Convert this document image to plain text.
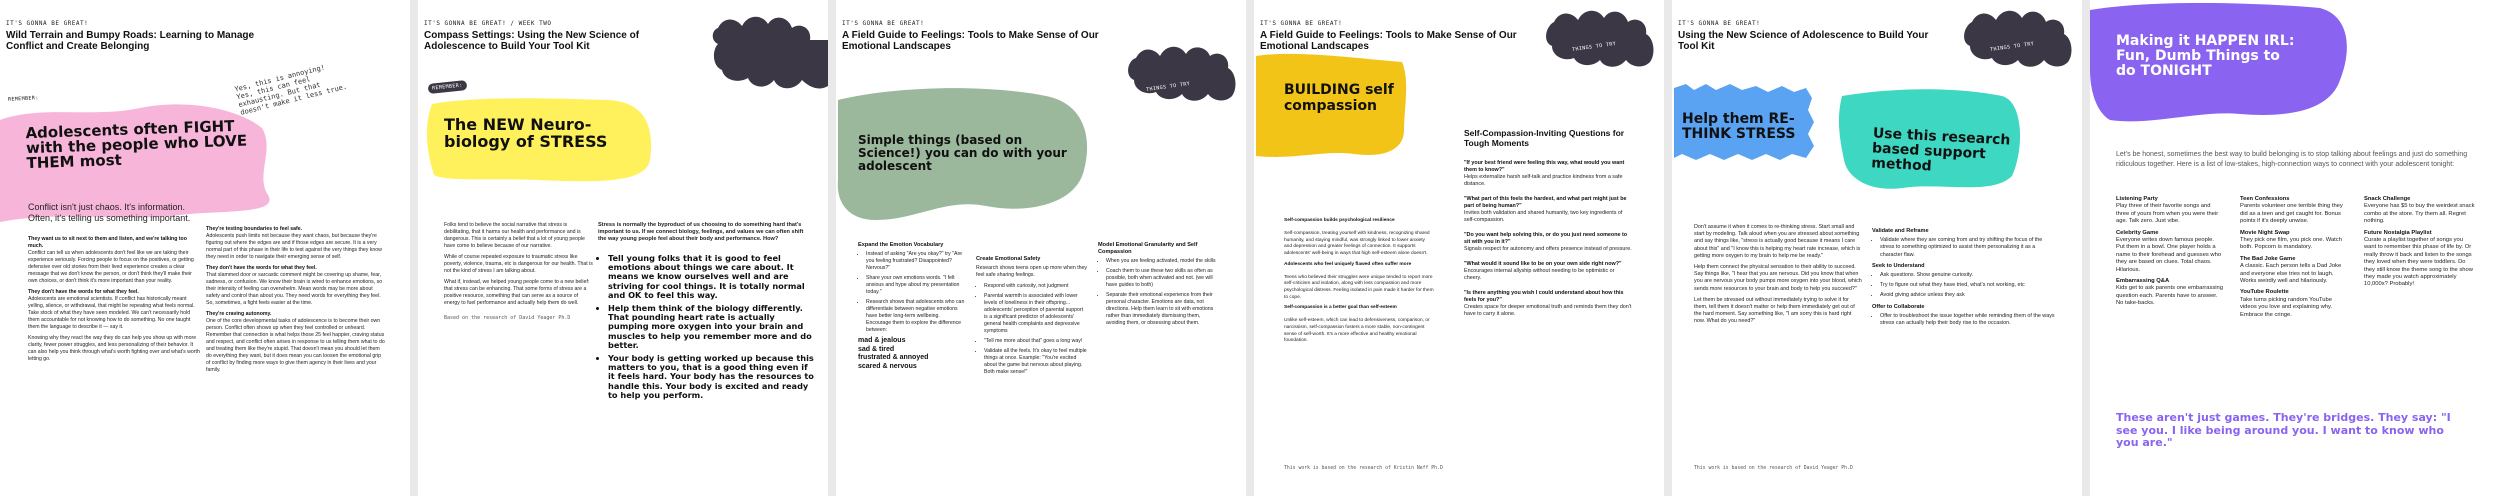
IT'S GONNA BE GREAT!
Wild Terrain and Bumpy Roads: Learning to Manage Conflict and Create Belonging
REMEMBER:
Adolescents often FIGHT with the people who LOVE THEM most
Yes, this is annoying! Yes, this can feel exhausting. But that doesn't make it less true.
Conflict isn't just chaos. It's information. Often, it's telling us something important.

They want us to sit next to them and listen, and we're talking too much.
Conflict can tell us when adolescents don't feel like we are taking their experience seriously. Forcing people to focus on the positives, or getting defensive over old stories from their lived experience creates a clear message that we don't know the person, or don't think they'll make their own choices, or don't think it's more important than your reality.

They don't have the words for what they feel.
Adolescents are emotional scientists. If conflict has historically meant yelling, silence, or withdrawal, that might be repeating what feels normal. Take stock of what they have seen modeled. We can't necessarily hold them accountable for not knowing how to do something. No one taught them the language to describe it — say it.

Knowing why they react the way they do can help you show up with more clarity, fewer power struggles, and less personalizing of their behavior. It can also help you think through what's worth fighting over and what's worth letting go.

They're testing boundaries to feel safe.
Adolescents push limits not because they want chaos, but because they're figuring out where the edges are and if those edges are secure. It is a very normal part of this phase in their life to test against the very things they know they need in order to navigate their emerging sense of self.

They don't have the words for what they feel.
That slammed door or sarcastic comment might be covering up shame, fear, sadness, or confusion. We know their brain is wired to enhance emotions, so their intensity of feeling can overwhelm. Mean words may be more about safety and control than about you. They need words for everything they feel. So, sometimes, a fight feels easier at the time.

They're craving autonomy.
One of the core developmental tasks of adolescence is to become their own person. Conflict often shows up when they feel controlled or unheard. Remember that connection is what helps those 25 feel happier, craving status and respect, and conflict often arises in response to us telling them what to do and treating them like they're stupid. That doesn't mean you should let them do everything they want, but it does mean you can loosen the emotional grip of conflict by finding more ways to give them agency in their lives and your family.

IT'S GONNA BE GREAT! / WEEK TWO
Compass Settings: Using the New Science of Adolescence to Build Your Tool Kit
REMEMBER:
The NEW Neuro-biology of STRESS

Folks tend to believe the social narrative that stress is debilitating, that it harms our health and performance and is dangerous. This is certainly a belief that a lot of young people have come to believe because of our narrative.

While of course repeated exposure to traumatic stress like poverty, violence, trauma, etc is dangerous for our health. That is not the kind of stress I am talking about.

What if, instead, we helped young people come to a new belief: that stress can be enhancing. That some forms of stress are a positive resource, something that can serve as a source of energy to fuel performance and actually help them do well.

Based on the research of David Yeager Ph.D

Stress is normally the byproduct of us choosing to do something hard that's important to us. If we connect biology, feelings, and values we can often shift the way young people feel about their body and performance. How?
• Tell young folks that it is good to feel emotions about things we care about. It means we know ourselves well and are striving for cool things. It is totally normal and OK to feel this way.
• Help them think of the biology differently. That pounding heart rate is actually pumping more oxygen into your brain and muscles to help you remember more and do better.
• Your body is getting worked up because this matters to you, that is a good thing even if it feels hard. Your body has the resources to handle this. Your body is excited and ready to help you perform.
IT'S GONNA BE GREAT!
A Field Guide to Feelings: Tools to Make Sense of Our Emotional Landscapes
THINGS TO TRY
Simple things (based on Science!) you can do with your adolescent
Expand the Emotion Vocabulary
• Instead of asking "Are you okay?" try "Are you feeling frustrated? Disappointed? Nervous?"
• Share your own emotions words. "I felt anxious and hype about my presentation today."
• Research shows that adolescents who can differentiate between negative emotions have better long-term wellbeing. Encourage them to explore the difference between:
mad & jealous
sad & tired
frustrated & annoyed
scared & nervous
Create Emotional Safety

Research shows teens open up more when they feel safe sharing feelings.

• Respond with curiosity, not judgment
• Parental warmth is associated with lower levels of loneliness in their offspring... adolescents' perception of parental support is a significant predictor of adolescents' general health complaints and depressive symptoms
• "Tell me more about that" goes a long way!
• Validate all the feels. It's okay to feel multiple things at once. Example: "You're excited about the game but nervous about playing. Both make sense!"
Model Emotional Granularity and Self Compassion
• When you are feeling activated, model the skills
• Coach them to use these two skills as often as possible, both when activated and not. (we will have guides to both)
• Separate their emotional experience from their personal character. Emotions are data, not directions. Help them learn to sit with emotions rather than immediately dismissing them, avoiding them, or obsessing about them.
IT'S GONNA BE GREAT!
A Field Guide to Feelings: Tools to Make Sense of Our Emotional Landscapes	THINGS TO TRY
BUILDING self compassion

Self-compassion builds psychological resilience

Self-compassion, treating yourself with kindness, recognizing shared humanity, and staying mindful, was strongly linked to lower anxiety and depression and greater feelings of connection. It supports adolescents' well-being in ways that high self-esteem alone doesn't.

Adolescents who feel uniquely flawed often suffer more

Teens who believed their struggles were unique tended to report more self-criticism and isolation, along with less compassion and more psychological distress. Feeling isolated in pain made it harder for them to cope.

Self-compassion is a better goal than self-esteem

Unlike self-esteem, which can lead to defensiveness, comparison, or narcissism, self-compassion fosters a more stable, non-contingent sense of self-worth. It's a more effective and healthy emotional foundation.

Self-Compassion-Inviting Questions for Tough Moments

"If your best friend were feeling this way, what would you want them to know?"
Helps externalize harsh self-talk and practice kindness from a safe distance.

"What part of this feels the hardest, and what part might just be part of being human?"
Invites both validation and shared humanity, two key ingredients of self-compassion.

"Do you want help solving this, or do you just need someone to sit with you in it?"
Signals respect for autonomy and offers presence instead of pressure.

"What would it sound like to be on your own side right now?"
Encourages internal allyship without needing to be optimistic or cheery.

"Is there anything you wish I could understand about how this feels for you?"
Creates space for deeper emotional truth and reminds them they don't have to carry it alone.

This work is based on the research of Kristin Neff Ph.D
IT'S GONNA BE GREAT!
Using the New Science of Adolescence to Build Your Tool Kit	THINGS TO TRY
Help them RE-THINK STRESS	Use this research based support method

Don't assume it when it comes to re-thinking stress. Start small and start by modeling. Talk aloud when you are stressed about something and say things like, "stress is actually good because it means I care about this" and "I know this is helping my heart rate increase, which is getting more oxygen to my brain to help me be ready."

Help them connect the physical sensation to their ability to succeed. Say things like, "I hear that you are nervous. Did you know that when you are nervous your body pumps more oxygen into your blood, which sends more resources to your brain and body to help you succeed?"

Let them be stressed out without immediately trying to solve it for them, tell them it doesn't matter or help them immediately get out of the hard moment. Say something like, "I am sorry this is hard right now. What do you need?"

Validate and Reframe
• Validate where they are coming from and try shifting the focus of the stress to something optimized to assist them personalizing it as a character flaw.
Seek to Understand
• Ask questions. Show genuine curiosity.
• Try to figure out what they have tried, what's not working, etc
• Avoid giving advice unless they ask
Offer to Collaborate
• Offer to troubleshoot the issue together while reminding them of the ways stress can actually help their body rise to the occasion.
This work is based on the research of David Yeager Ph.D
Making it HAPPEN IRL: Fun, Dumb Things to do TONIGHT
Let's be honest, sometimes the best way to build belonging is to stop talking about feelings and just do something ridiculous together. Here is a list of low-stakes, high-connection ways to connect with your adolescent tonight:

Listening Party
Play three of their favorite songs and three of yours from when you were their age. Talk zero. Just vibe.

Celebrity Game
Everyone writes down famous people. Put them in a bowl. One player holds a name to their forehead and guesses who they are based on clues. Total chaos. Hilarious.

Embarrassing Q&A
Kids get to ask parents one embarrassing question each. Parents have to answer. No take-backs.

Teen Confessions
Parents volunteer one terrible thing they did as a teen and get caught for. Bonus points if it's deeply unwise.

Movie Night Swap
They pick one film, you pick one. Watch both. Popcorn is mandatory.

The Bad Joke Game
A classic. Each person tells a Dad Joke and everyone else tries not to laugh. Works weirdly well and hilariously.

YouTube Roulette
Take turns picking random YouTube videos you love and explaining why. Embrace the cringe.

Snack Challenge
Everyone has $5 to buy the weirdest snack combo at the store. Try them all. Regret nothing.

Future Nostalgia Playlist
Curate a playlist together of songs you want to remember this phase of life by. Or really throw it back and listen to the songs they loved when they were toddlers. Do they still know the theme song to the show they made you watch approximately 10,000x? Probably!

These aren't just games. They're bridges. They say: "I see you. I like being around you. I want to know who you are."
